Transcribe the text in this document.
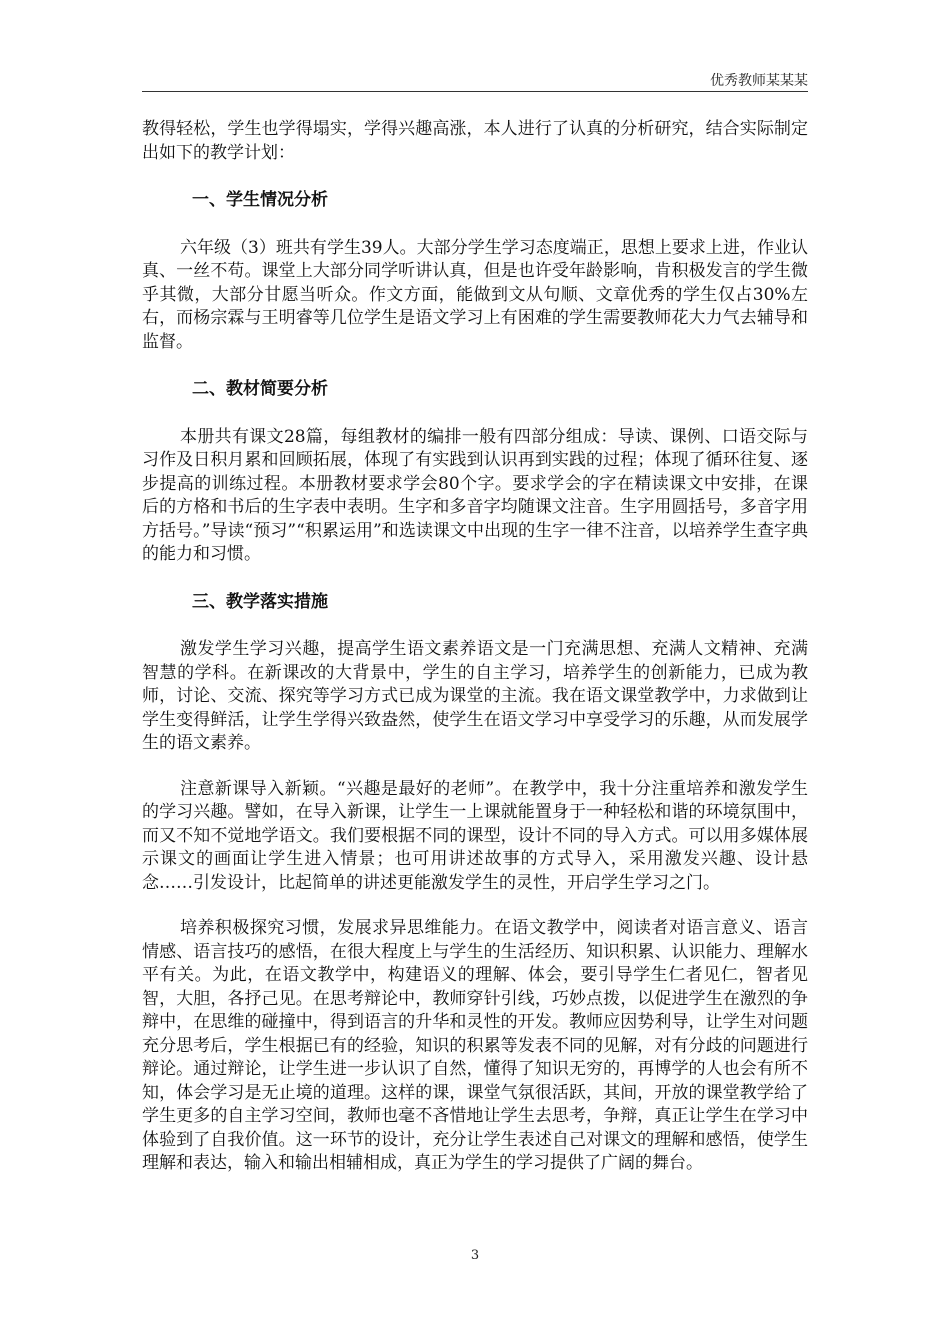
优秀教师某某某

教得轻松，学生也学得塌实，学得兴趣高涨，本人进行了认真的分析研究，结合实际制定出如下的教学计划：

一、学生情况分析

六年级（3）班共有学生39人。大部分学生学习态度端正，思想上要求上进，作业认真、一丝不苟。课堂上大部分同学听讲认真，但是也许受年龄影响，肯积极发言的学生微乎其微，大部分甘愿当听众。作文方面，能做到文从句顺、文章优秀的学生仅占30%左右，而杨宗霖与王明睿等几位学生是语文学习上有困难的学生需要教师花大力气去辅导和监督。

二、教材简要分析

本册共有课文28篇，每组教材的编排一般有四部分组成：导读、课例、口语交际与习作及日积月累和回顾拓展，体现了有实践到认识再到实践的过程；体现了循环往复、逐步提高的训练过程。本册教材要求学会80个字。要求学会的字在精读课文中安排，在课后的方格和书后的生字表中表明。生字和多音字均随课文注音。生字用圆括号，多音字用方括号。”导读“预习”“积累运用”和选读课文中出现的生字一律不注音，以培养学生查字典的能力和习惯。

三、教学落实措施

激发学生学习兴趣，提高学生语文素养语文是一门充满思想、充满人文精神、充满智慧的学科。在新课改的大背景中，学生的自主学习，培养学生的创新能力，已成为教师，讨论、交流、探究等学习方式已成为课堂的主流。我在语文课堂教学中，力求做到让学生变得鲜活，让学生学得兴致盎然，使学生在语文学习中享受学习的乐趣，从而发展学生的语文素养。

注意新课导入新颖。“兴趣是最好的老师”。在教学中，我十分注重培养和激发学生的学习兴趣。譬如，在导入新课，让学生一上课就能置身于一种轻松和谐的环境氛围中，而又不知不觉地学语文。我们要根据不同的课型，设计不同的导入方式。可以用多媒体展示课文的画面让学生进入情景；也可用讲述故事的方式导入，采用激发兴趣、设计悬念……引发设计，比起简单的讲述更能激发学生的灵性，开启学生学习之门。

培养积极探究习惯，发展求异思维能力。在语文教学中，阅读者对语言意义、语言情感、语言技巧的感悟，在很大程度上与学生的生活经历、知识积累、认识能力、理解水平有关。为此，在语文教学中，构建语义的理解、体会，要引导学生仁者见仁，智者见智，大胆，各抒己见。在思考辩论中，教师穿针引线，巧妙点拨，以促进学生在激烈的争辩中，在思维的碰撞中，得到语言的升华和灵性的开发。教师应因势利导，让学生对问题充分思考后，学生根据已有的经验，知识的积累等发表不同的见解，对有分歧的问题进行辩论。通过辩论，让学生进一步认识了自然，懂得了知识无穷的，再博学的人也会有所不知，体会学习是无止境的道理。这样的课，课堂气氛很活跃，其间，开放的课堂教学给了学生更多的自主学习空间，教师也毫不吝惜地让学生去思考，争辩，真正让学生在学习中体验到了自我价值。这一环节的设计，充分让学生表述自己对课文的理解和感悟，使学生理解和表达，输入和输出相辅相成，真正为学生的学习提供了广阔的舞台。

3
